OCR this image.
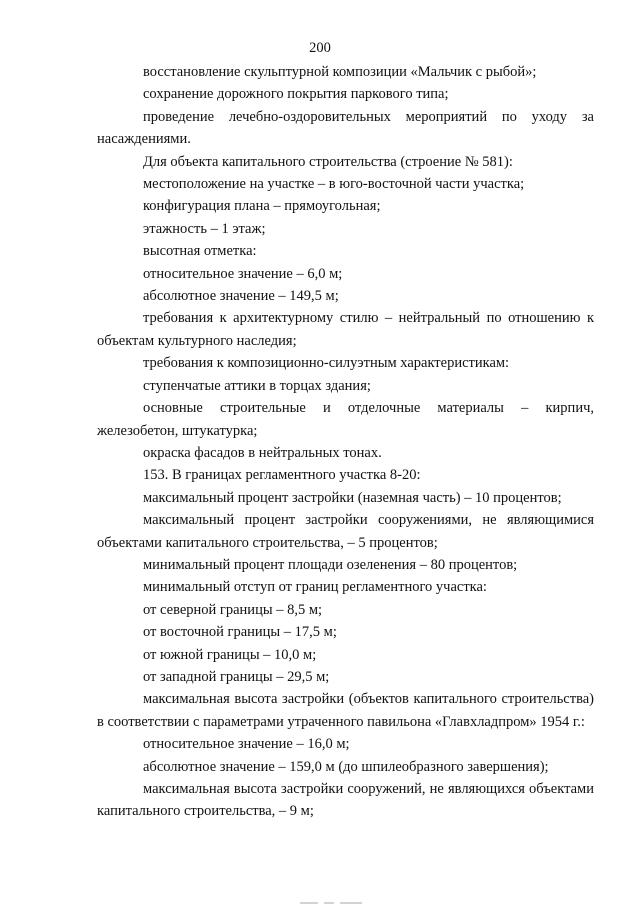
200

восстановление скульптурной композиции «Мальчик с рыбой»;

сохранение дорожного покрытия паркового типа;

проведение лечебно-оздоровительных мероприятий по уходу за насаждениями.

Для объекта капитального строительства (строение № 581):

местоположение на участке – в юго-восточной части участка;

конфигурация плана – прямоугольная;

этажность – 1 этаж;

высотная отметка:

относительное значение – 6,0 м;

абсолютное значение – 149,5 м;

требования к архитектурному стилю – нейтральный по отношению к объектам культурного наследия;

требования к композиционно-силуэтным характеристикам:

ступенчатые аттики в торцах здания;

основные строительные и отделочные материалы – кирпич, железобетон, штукатурка;

окраска фасадов в нейтральных тонах.

153. В границах регламентного участка 8-20:

максимальный процент застройки (наземная часть) – 10 процентов;

максимальный процент застройки сооружениями, не являющимися объектами капитального строительства, – 5 процентов;

минимальный процент площади озеленения – 80 процентов;

минимальный отступ от границ регламентного участка:

от северной границы – 8,5 м;

от восточной границы – 17,5 м;

от южной границы – 10,0 м;

от западной границы – 29,5 м;

максимальная высота застройки (объектов капитального строительства) в соответствии с параметрами утраченного павильона «Главхладпром» 1954 г.:

относительное значение – 16,0 м;

абсолютное значение – 159,0 м (до шпилеобразного завершения);

максимальная высота застройки сооружений, не являющихся объектами капитального строительства, – 9 м;
